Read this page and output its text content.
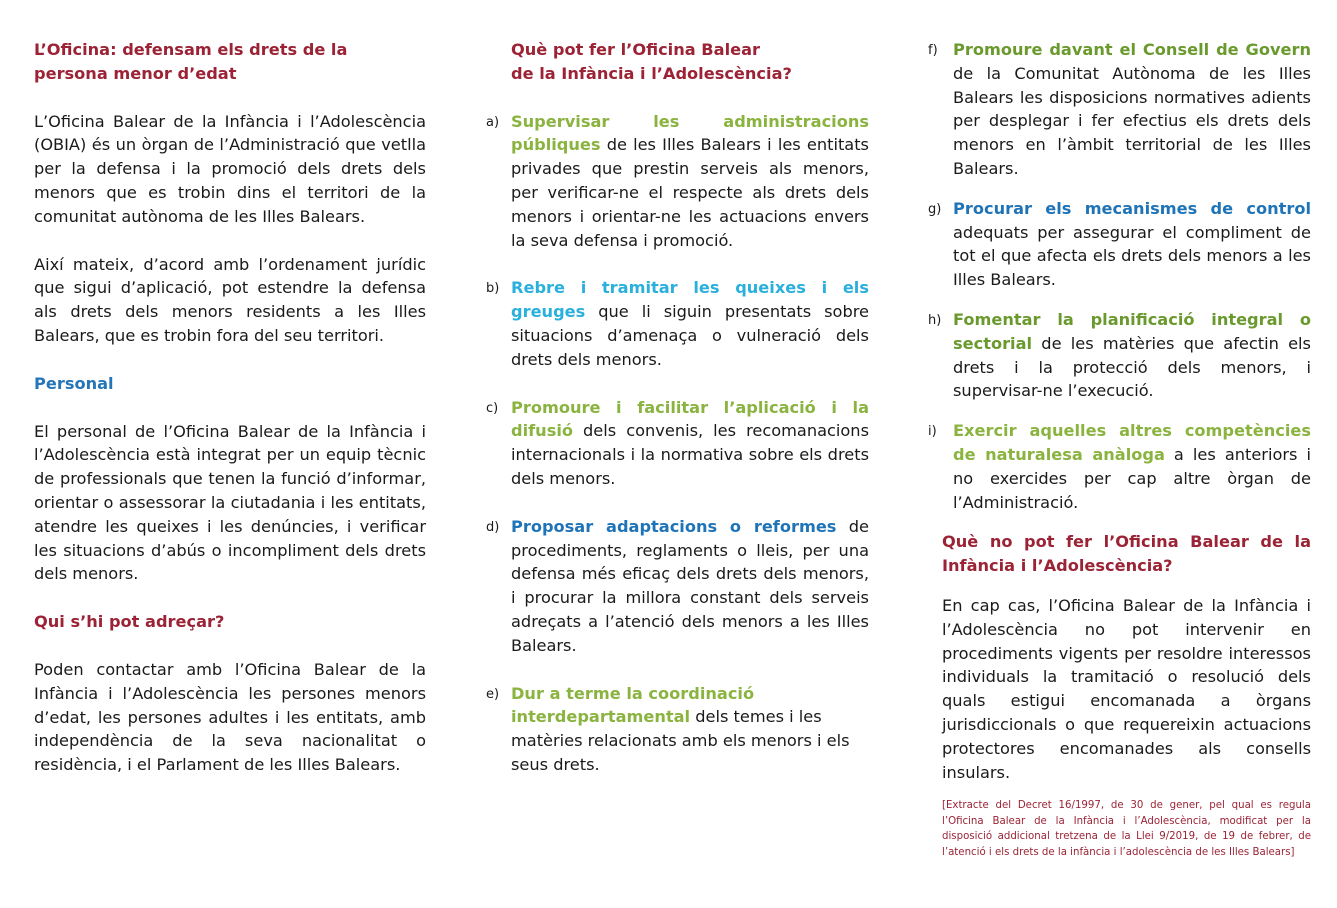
L’Oficina: defensam els drets de la persona menor d’edat

L’Oficina Balear de la Infància i l’Adolescència (OBIA) és un òrgan de l’Administració que vetlla per la defensa i la promoció dels drets dels menors que es trobin dins el territori de la comunitat autònoma de les Illes Balears.

Així mateix, d’acord amb l’ordenament jurídic que sigui d’aplicació, pot estendre la defensa als drets dels menors residents a les Illes Balears, que es trobin fora del seu territori.

Personal

El personal de l’Oficina Balear de la Infància i l’Adolescència està integrat per un equip tècnic de professionals que tenen la funció d’informar, orientar o assessorar la ciutadania i les entitats, atendre les queixes i les denúncies, i verificar les situacions d’abús o incompliment dels drets dels menors.

Qui s’hi pot adreçar?

Poden contactar amb l’Oficina Balear de la Infància i l’Adolescència les persones menors d’edat, les persones adultes i les entitats, amb independència de la seva nacionalitat o residència, i el Parlament de les Illes Balears.

Què pot fer l’Oficina Balear
de la Infància i l’Adolescència?
a) Supervisar les administracions públiques de les Illes Balears i les entitats privades que prestin serveis als menors, per verificar-ne el respecte als drets dels menors i orientar-ne les actuacions envers la seva defensa i promoció.

b) Rebre i tramitar les queixes i els greuges que li siguin presentats sobre situacions d’amenaça o vulneració dels drets dels menors.

c) Promoure i facilitar l’aplicació i la difusió dels convenis, les recomanacions internacionals i la normativa sobre els drets dels menors.

d) Proposar adaptacions o reformes de procediments, reglaments o lleis, per una defensa més eficaç dels drets dels menors, i procurar la millora constant dels serveis adreçats a l’atenció dels menors a les Illes Balears.

e) Dur a terme la coordinació interdepartamental dels temes i les matèries relacionats amb els menors i els seus drets.

f) Promoure davant el Consell de Govern de la Comunitat Autònoma de les Illes Balears les disposicions normatives adients per desplegar i fer efectius els drets dels menors en l’àmbit territorial de les Illes Balears.

g) Procurar els mecanismes de control adequats per assegurar el compliment de tot el que afecta els drets dels menors a les Illes Balears.

h) Fomentar la planificació integral o sectorial de les matèries que afectin els drets i la protecció dels menors, i supervisar-ne l’execució.

i)	Exercir aquelles altres competències de naturalesa anàloga a les anteriors i no exercides per cap altre òrgan de l’Administració.

Què no pot fer l’Oficina Balear de la Infància i l’Adolescència?

En cap cas, l’Oficina Balear de la Infància i l’Adolescència no pot intervenir en procediments vigents per resoldre interessos individuals la tramitació o resolució dels quals estigui encomanada a òrgans jurisdiccionals o que requereixin actuacions protectores encomanades als consells insulars.

[Extracte del Decret 16/1997, de 30 de gener, pel qual es regula l’Oficina Balear de la Infància i l’Adolescència, modificat per la disposició addicional tretzena de la Llei 9/2019, de 19 de febrer, de l’atenció i els drets de la infància i l’adolescència de les Illes Balears]
